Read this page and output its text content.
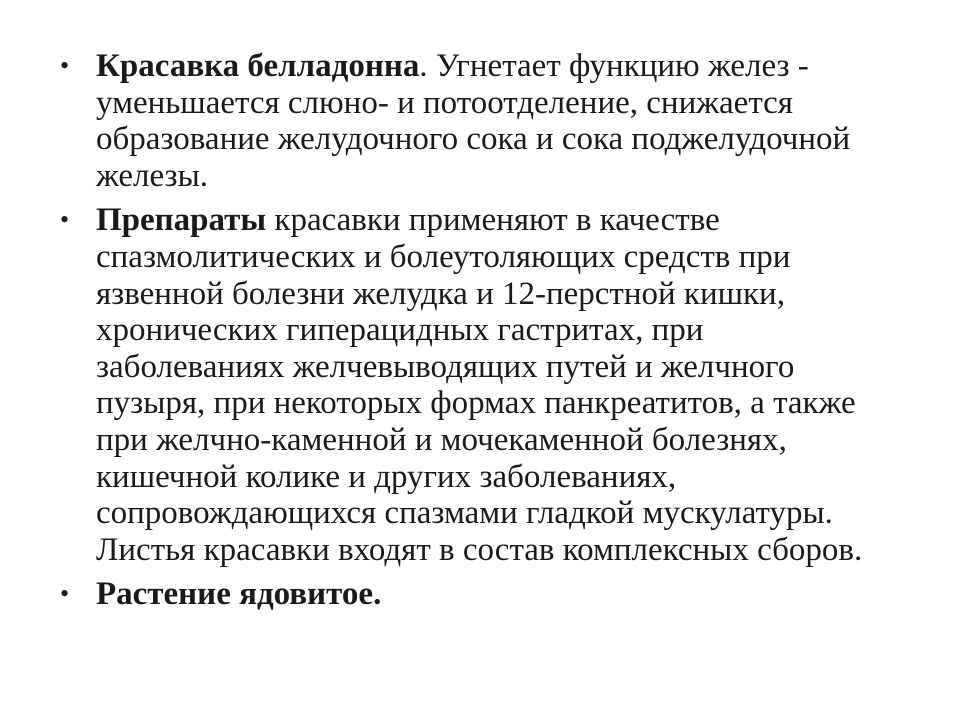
• Красавка белладонна. Угнетает функцию желез - уменьшается слюно- и потоотделение, снижается образование желудочного сока и сока поджелудочной железы.
• Препараты красавки применяют в качестве спазмолитических и болеутоляющих средств при язвенной болезни желудка и 12-перстной кишки, хронических гиперацидных гастритах, при заболеваниях желчевыводящих путей и желчного пузыря, при некоторых формах панкреатитов, а также при желчно-каменной и мочекаменной болезнях, кишечной колике и других заболеваниях, сопровождающихся спазмами гладкой мускулатуры. Листья красавки входят в состав комплексных сборов.
• Растение ядовитое.
